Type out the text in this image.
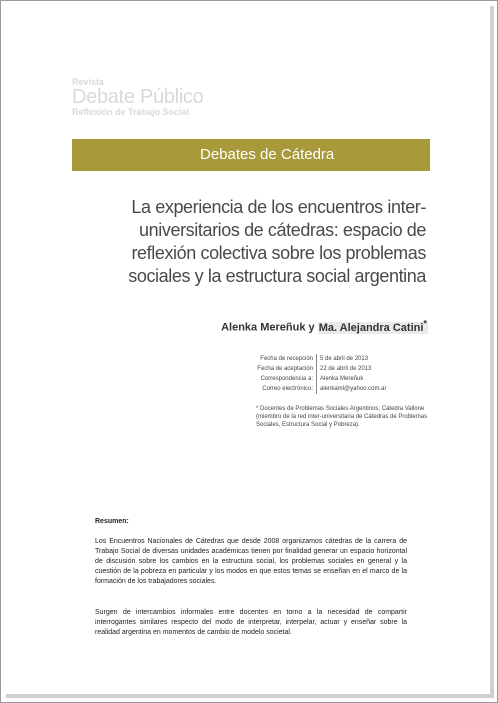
Revista
Debate Público
Reflexión de Trabajo Social
Debates de Cátedra
La experiencia de los encuentros inter-universitarios de cátedras: espacio de reflexión colectiva sobre los problemas sociales y la estructura social argentina
Alenka Mereñuk y Ma. Alejandra Catini*
Fecha de recepción	5 de abril de 2013
Fecha de aceptación	22 de abril de 2013
Correspondencia a:	Alenka Mereñuk
Correo electrónico:	alenkaml@yahoo.com.ar
* Docentes de Problemas Sociales Argentinos, Cátedra Vallone (miembro de la red inter-universitaria de Cátedras de Problemas Sociales, Estructura Social y Pobreza).
Resumen:
Los Encuentros Nacionales de Cátedras que desde 2008 organizamos cátedras de la carrera de Trabajo Social de diversas unidades académicas tienen por finalidad generar un espacio horizontal de discusión sobre los cambios en la estructura social, los problemas sociales en general y la cuestión de la pobreza en particular y los modos en que estos temas se enseñan en el marco de la formación de los trabajadores sociales.
Surgen de intercambios informales entre docentes en torno a la necesidad de compartir interrogantes similares respecto del modo de interpretar, interpelar, actuar y enseñar sobre la realidad argentina en momentos de cambio de modelo societal.
